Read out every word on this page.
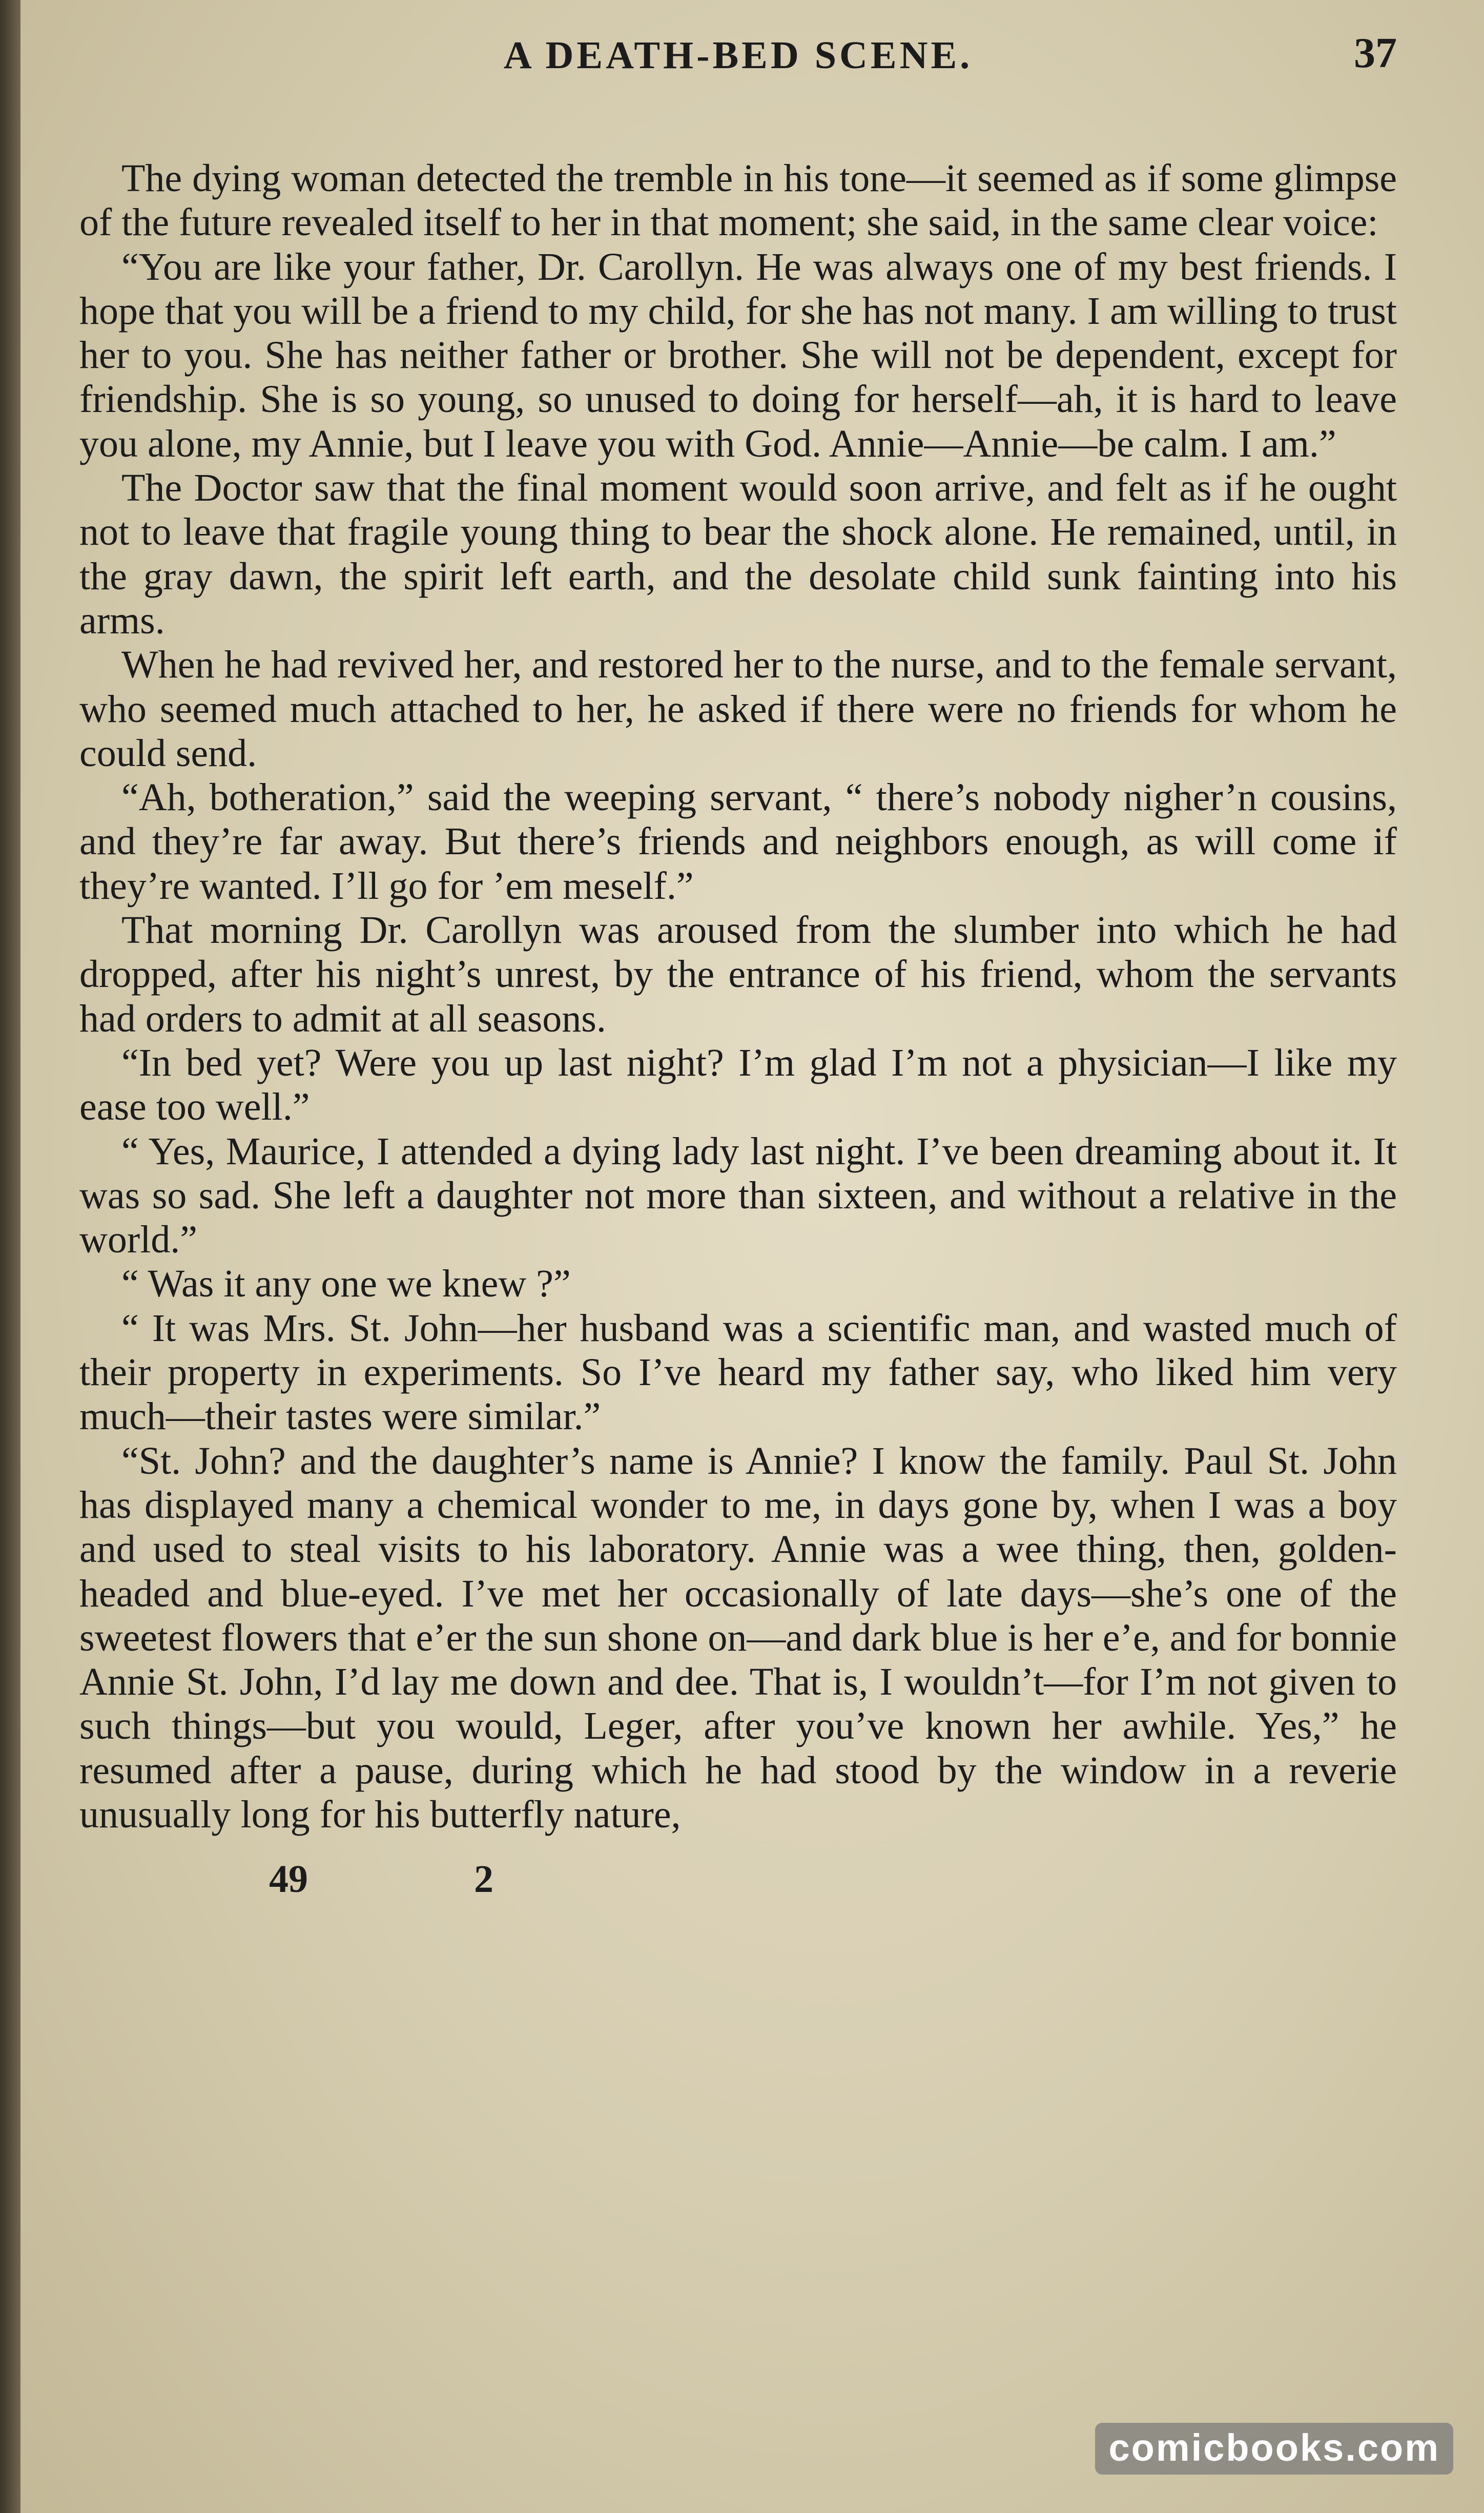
A DEATH-BED SCENE.	37

The dying woman detected the tremble in his tone—it seemed as if some glimpse of the future revealed itself to her in that moment; she said, in the same clear voice:

“You are like your father, Dr. Carollyn. He was always one of my best friends. I hope that you will be a friend to my child, for she has not many. I am willing to trust her to you. She has neither father or brother. She will not be dependent, except for friendship. She is so young, so unused to doing for herself—ah, it is hard to leave you alone, my Annie, but I leave you with God. Annie—Annie—be calm. I am.”

The Doctor saw that the final moment would soon arrive, and felt as if he ought not to leave that fragile young thing to bear the shock alone. He remained, until, in the gray dawn, the spirit left earth, and the desolate child sunk fainting into his arms.

When he had revived her, and restored her to the nurse, and to the female servant, who seemed much attached to her, he asked if there were no friends for whom he could send.

“Ah, botheration,” said the weeping servant, “ there’s nobody nigher’n cousins, and they’re far away. But there’s friends and neighbors enough, as will come if they’re wanted. I’ll go for ’em meself.”

That morning Dr. Carollyn was aroused from the slumber into which he had dropped, after his night’s unrest, by the entrance of his friend, whom the servants had orders to admit at all seasons.

“In bed yet? Were you up last night? I’m glad I’m not a physician—I like my ease too well.”

“ Yes, Maurice, I attended a dying lady last night. I’ve been dreaming about it. It was so sad. She left a daughter not more than sixteen, and without a relative in the world.”

“ Was it any one we knew ?”

“ It was Mrs. St. John—her husband was a scientific man, and wasted much of their property in experiments. So I’ve heard my father say, who liked him very much—their tastes were similar.”

“St. John? and the daughter’s name is Annie? I know the family. Paul St. John has displayed many a chemical wonder to me, in days gone by, when I was a boy and used to steal visits to his laboratory. Annie was a wee thing, then, golden-headed and blue-eyed. I’ve met her occasionally of late days—she’s one of the sweetest flowers that e’er the sun shone on—and dark blue is her e’e, and for bonnie Annie St. John, I’d lay me down and dee. That is, I wouldn’t—for I’m not given to such things—but you would, Leger, after you’ve known her awhile. Yes,” he resumed after a pause, during which he had stood by the window in a reverie unusually long for his butterfly nature,

49	2
comicbooks.com
